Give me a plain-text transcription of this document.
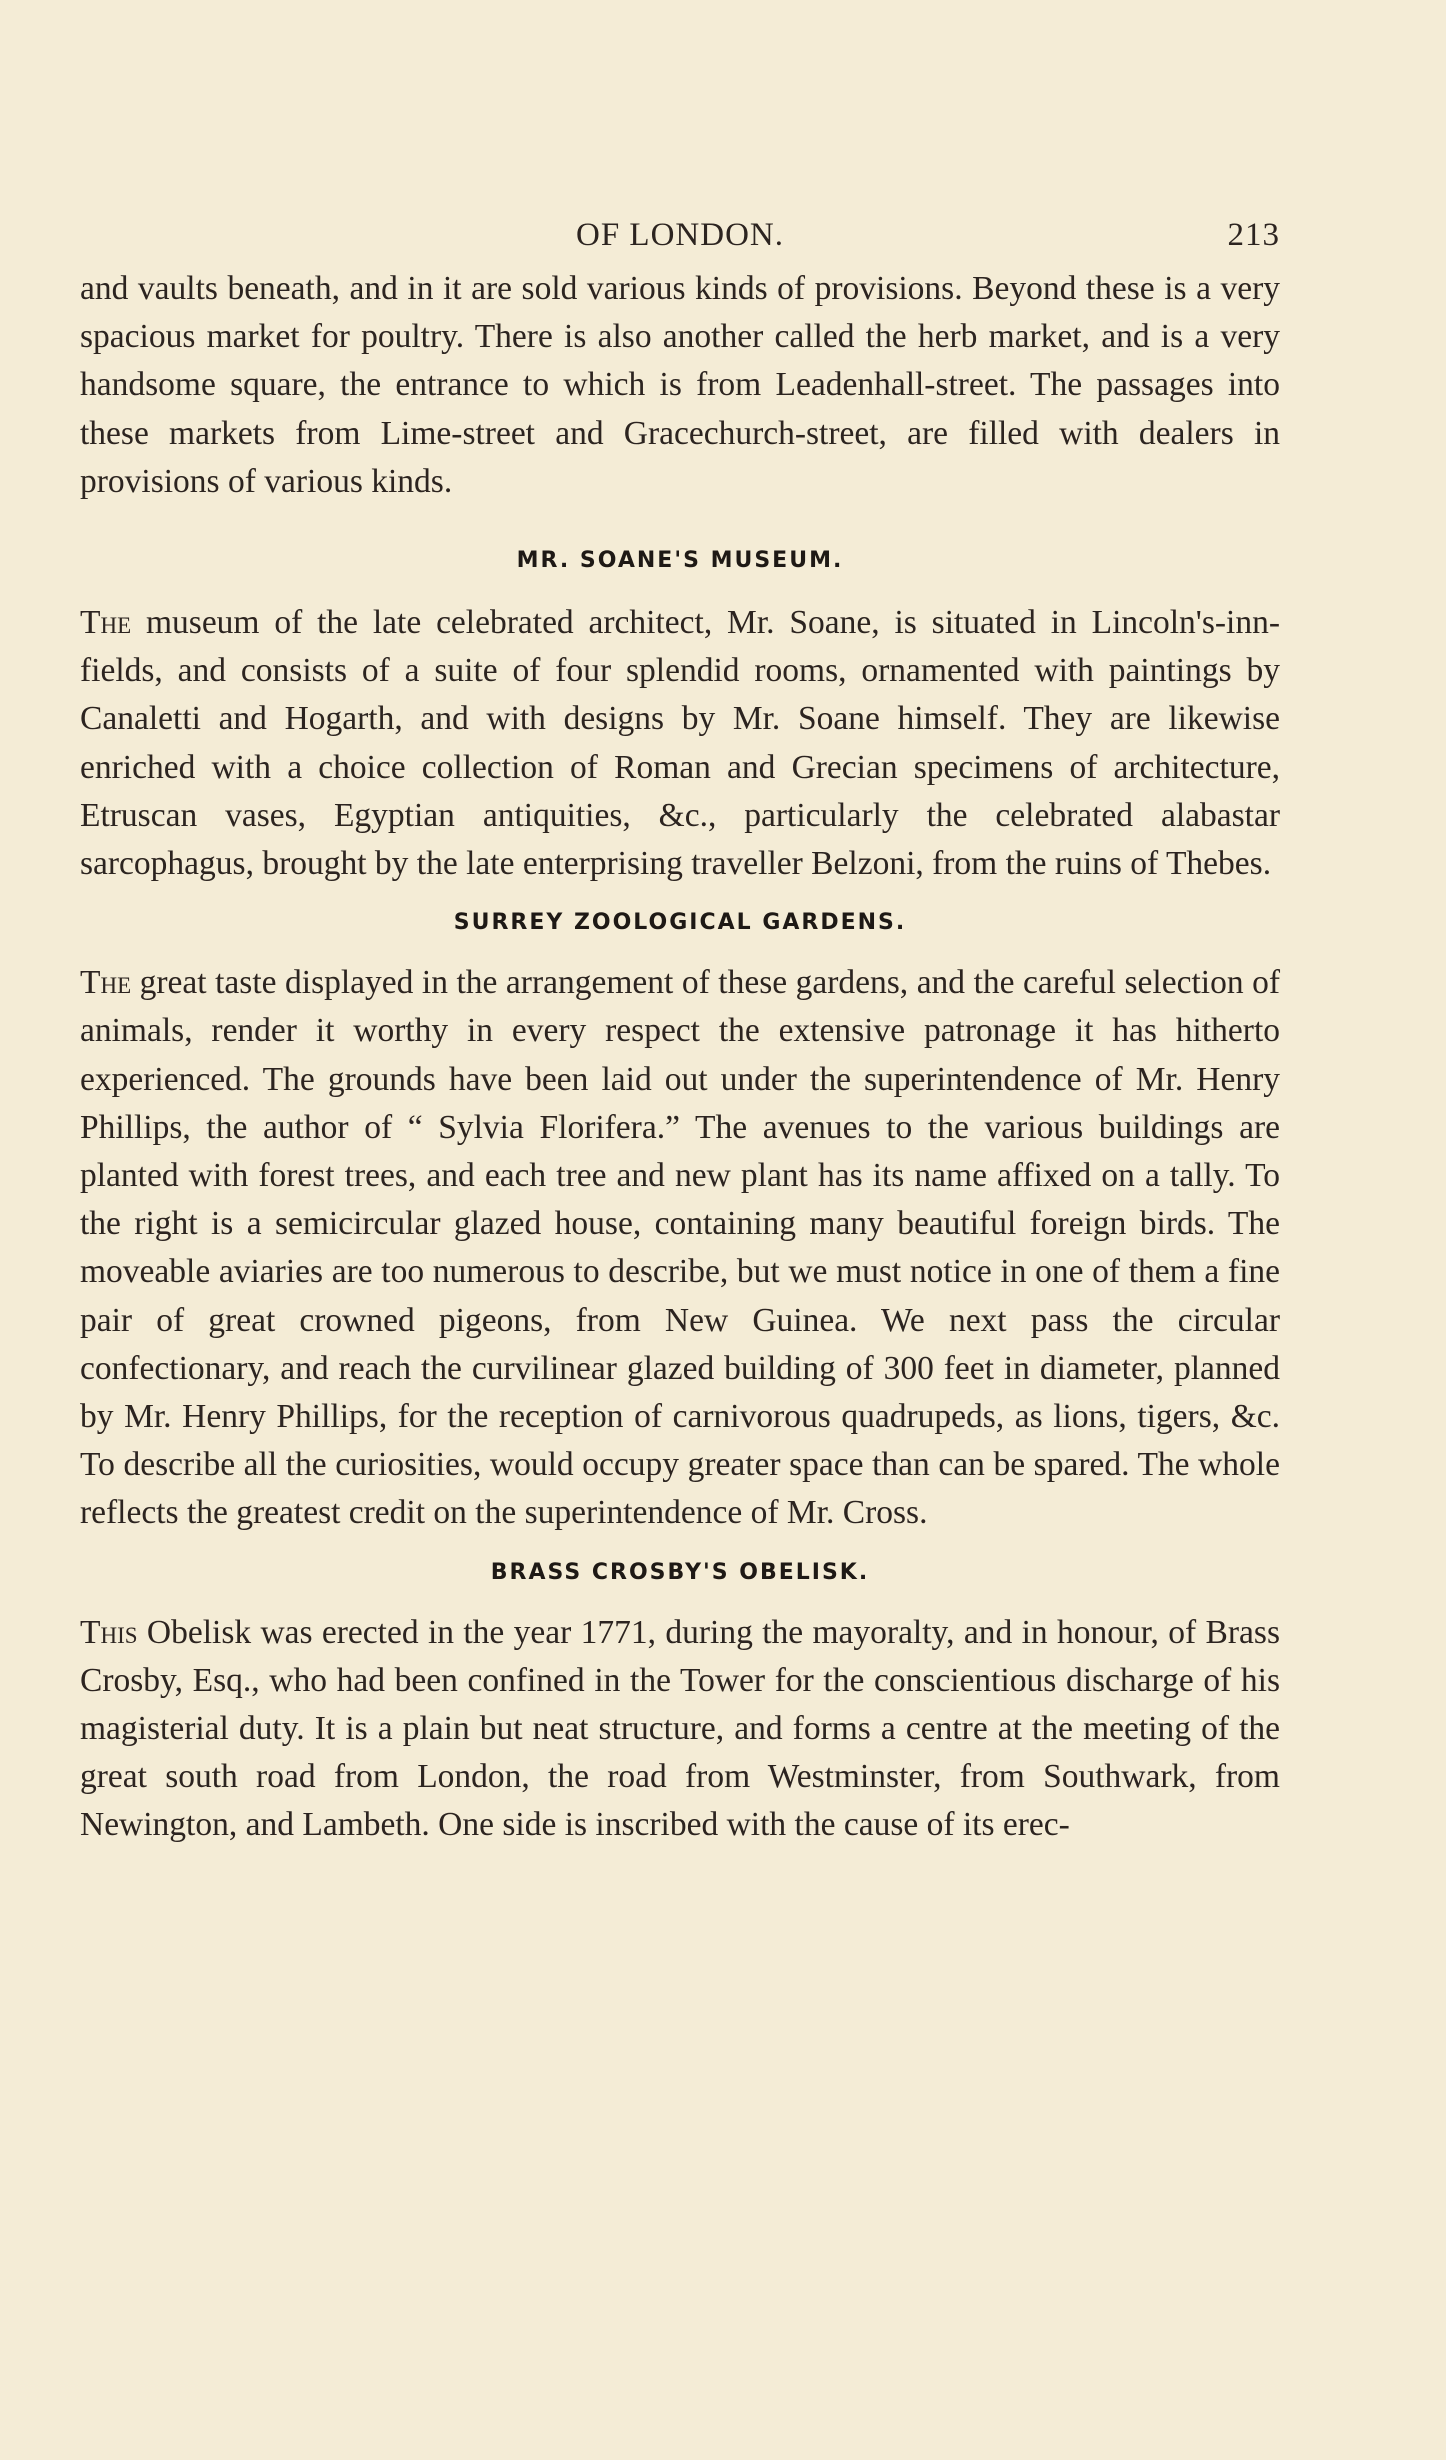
OF LONDON.	213

and vaults beneath, and in it are sold various kinds of provisions. Beyond these is a very spacious market for poultry. There is also another called the herb market, and is a very handsome square, the entrance to which is from Leadenhall-street. The passages into these markets from Lime-street and Gracechurch-street, are filled with dealers in provisions of various kinds.

MR. SOANE'S MUSEUM.

The museum of the late celebrated architect, Mr. Soane, is situated in Lincoln's-inn-fields, and consists of a suite of four splendid rooms, ornamented with paintings by Canaletti and Hogarth, and with designs by Mr. Soane himself. They are likewise enriched with a choice collection of Roman and Grecian specimens of architecture, Etruscan vases, Egyptian antiquities, &c., particularly the celebrated alabastar sarcophagus, brought by the late enterprising traveller Belzoni, from the ruins of Thebes.

SURREY ZOOLOGICAL GARDENS.

The great taste displayed in the arrangement of these gardens, and the careful selection of animals, render it worthy in every respect the extensive patronage it has hitherto experienced. The grounds have been laid out under the superintendence of Mr. Henry Phillips, the author of “ Sylvia Florifera.” The avenues to the various buildings are planted with forest trees, and each tree and new plant has its name affixed on a tally. To the right is a semicircular glazed house, containing many beautiful foreign birds. The moveable aviaries are too numerous to describe, but we must notice in one of them a fine pair of great crowned pigeons, from New Guinea. We next pass the circular confectionary, and reach the curvilinear glazed building of 300 feet in diameter, planned by Mr. Henry Phillips, for the reception of carnivorous quadrupeds, as lions, tigers, &c. To describe all the curiosities, would occupy greater space than can be spared. The whole reflects the greatest credit on the superintendence of Mr. Cross.

BRASS CROSBY'S OBELISK.

This Obelisk was erected in the year 1771, during the mayoralty, and in honour, of Brass Crosby, Esq., who had been confined in the Tower for the conscientious discharge of his magisterial duty. It is a plain but neat structure, and forms a centre at the meeting of the great south road from London, the road from Westminster, from Southwark, from Newington, and Lambeth. One side is inscribed with the cause of its erec-
